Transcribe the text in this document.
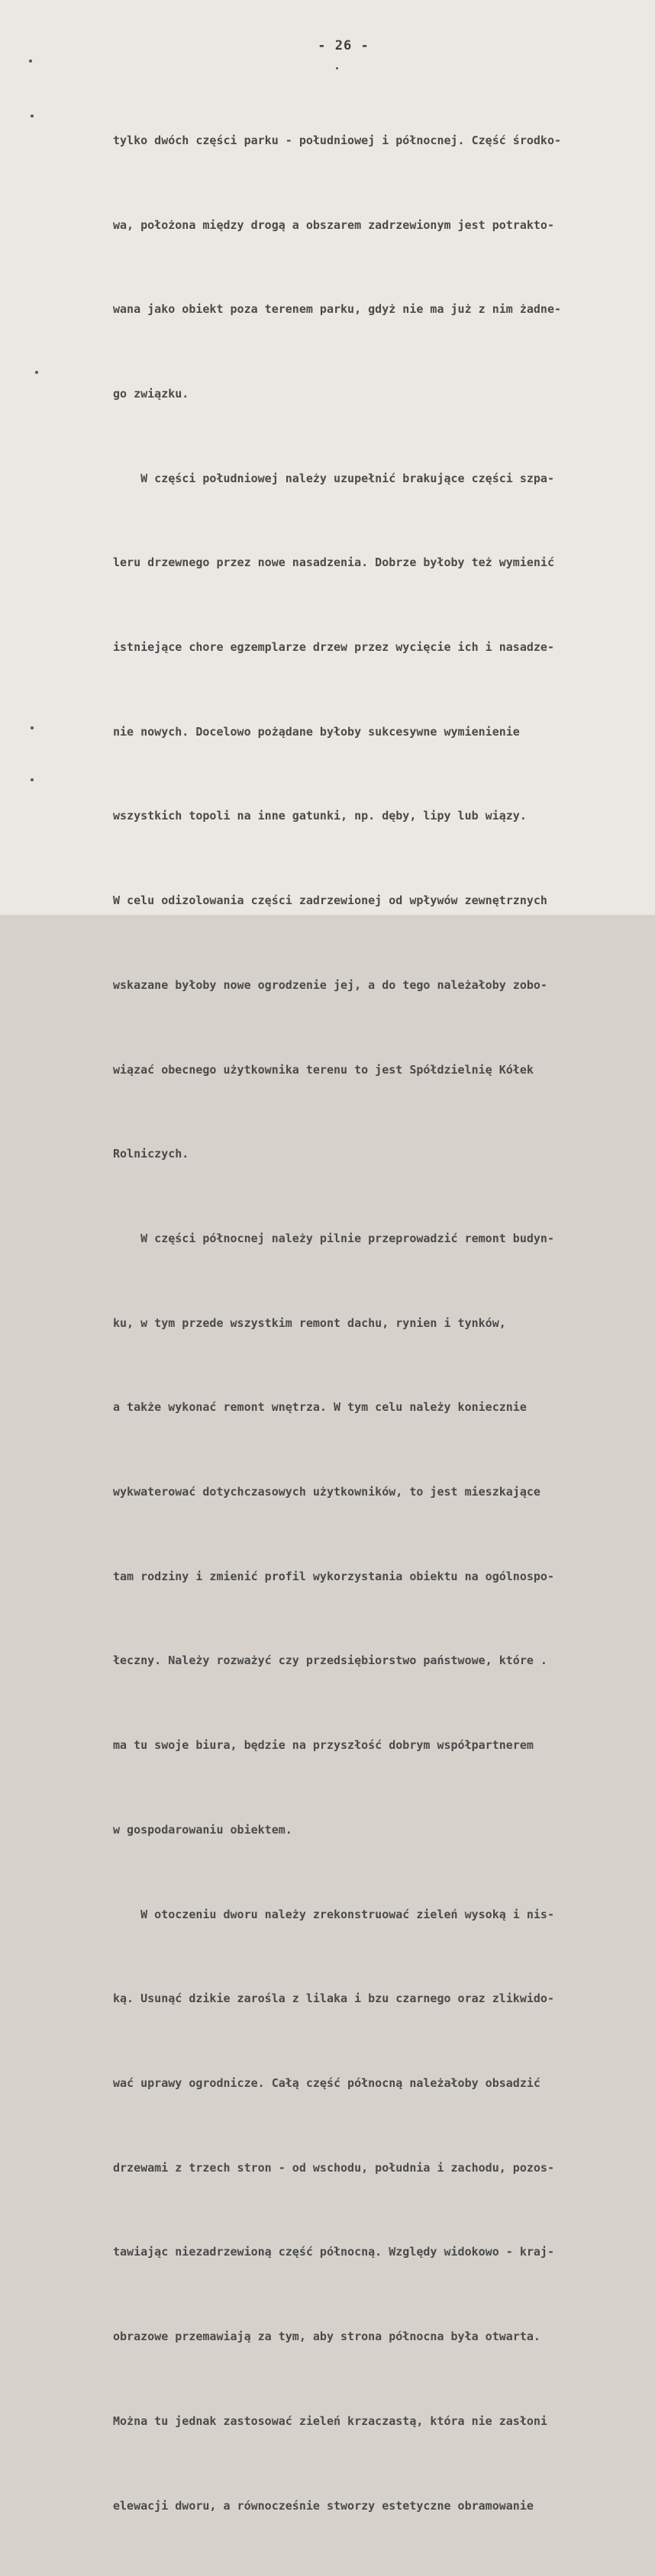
- 26 -

tylko dwóch części parku - południowej i północnej. Część środko-

wa, położona między drogą a obszarem zadrzewionym jest potrakto-

wana jako obiekt poza terenem parku, gdyż nie ma już z nim żadne-

go związku.

W części południowej należy uzupełnić brakujące części szpa-

leru drzewnego przez nowe nasadzenia. Dobrze byłoby też wymienić

istniejące chore egzemplarze drzew przez wycięcie ich i nasadze-

nie nowych. Docelowo pożądane byłoby sukcesywne wymienienie

wszystkich topoli na inne gatunki, np. dęby, lipy lub wiązy.

W celu odizolowania części zadrzewionej od wpływów zewnętrznych

wskazane byłoby nowe ogrodzenie jej, a do tego należałoby zobo-

wiązać obecnego użytkownika terenu to jest Spółdzielnię Kółek

Rolniczych.

W części północnej należy pilnie przeprowadzić remont budyn-

ku, w tym przede wszystkim remont dachu, rynien i tynków,

a także wykonać remont wnętrza. W tym celu należy koniecznie

wykwaterować dotychczasowych użytkowników, to jest mieszkające

tam rodziny i zmienić profil wykorzystania obiektu na ogólnospo-

łeczny. Należy rozważyć czy przedsiębiorstwo państwowe, które .

ma tu swoje biura, będzie na przyszłość dobrym współpartnerem

w gospodarowaniu obiektem.

W otoczeniu dworu należy zrekonstruować zieleń wysoką i nis-

ką. Usunąć dzikie zarośla z lilaka i bzu czarnego oraz zlikwido-

wać uprawy ogrodnicze. Całą część północną należałoby obsadzić

drzewami z trzech stron - od wschodu, południa i zachodu, pozos-

tawiając niezadrzewioną część północną. Względy widokowo - kraj-

obrazowe przemawiają za tym, aby strona północna była otwarta.

Można tu jednak zastosować zieleń krzaczastą, która nie zasłoni

elewacji dworu, a równocześnie stworzy estetyczne obramowanie
